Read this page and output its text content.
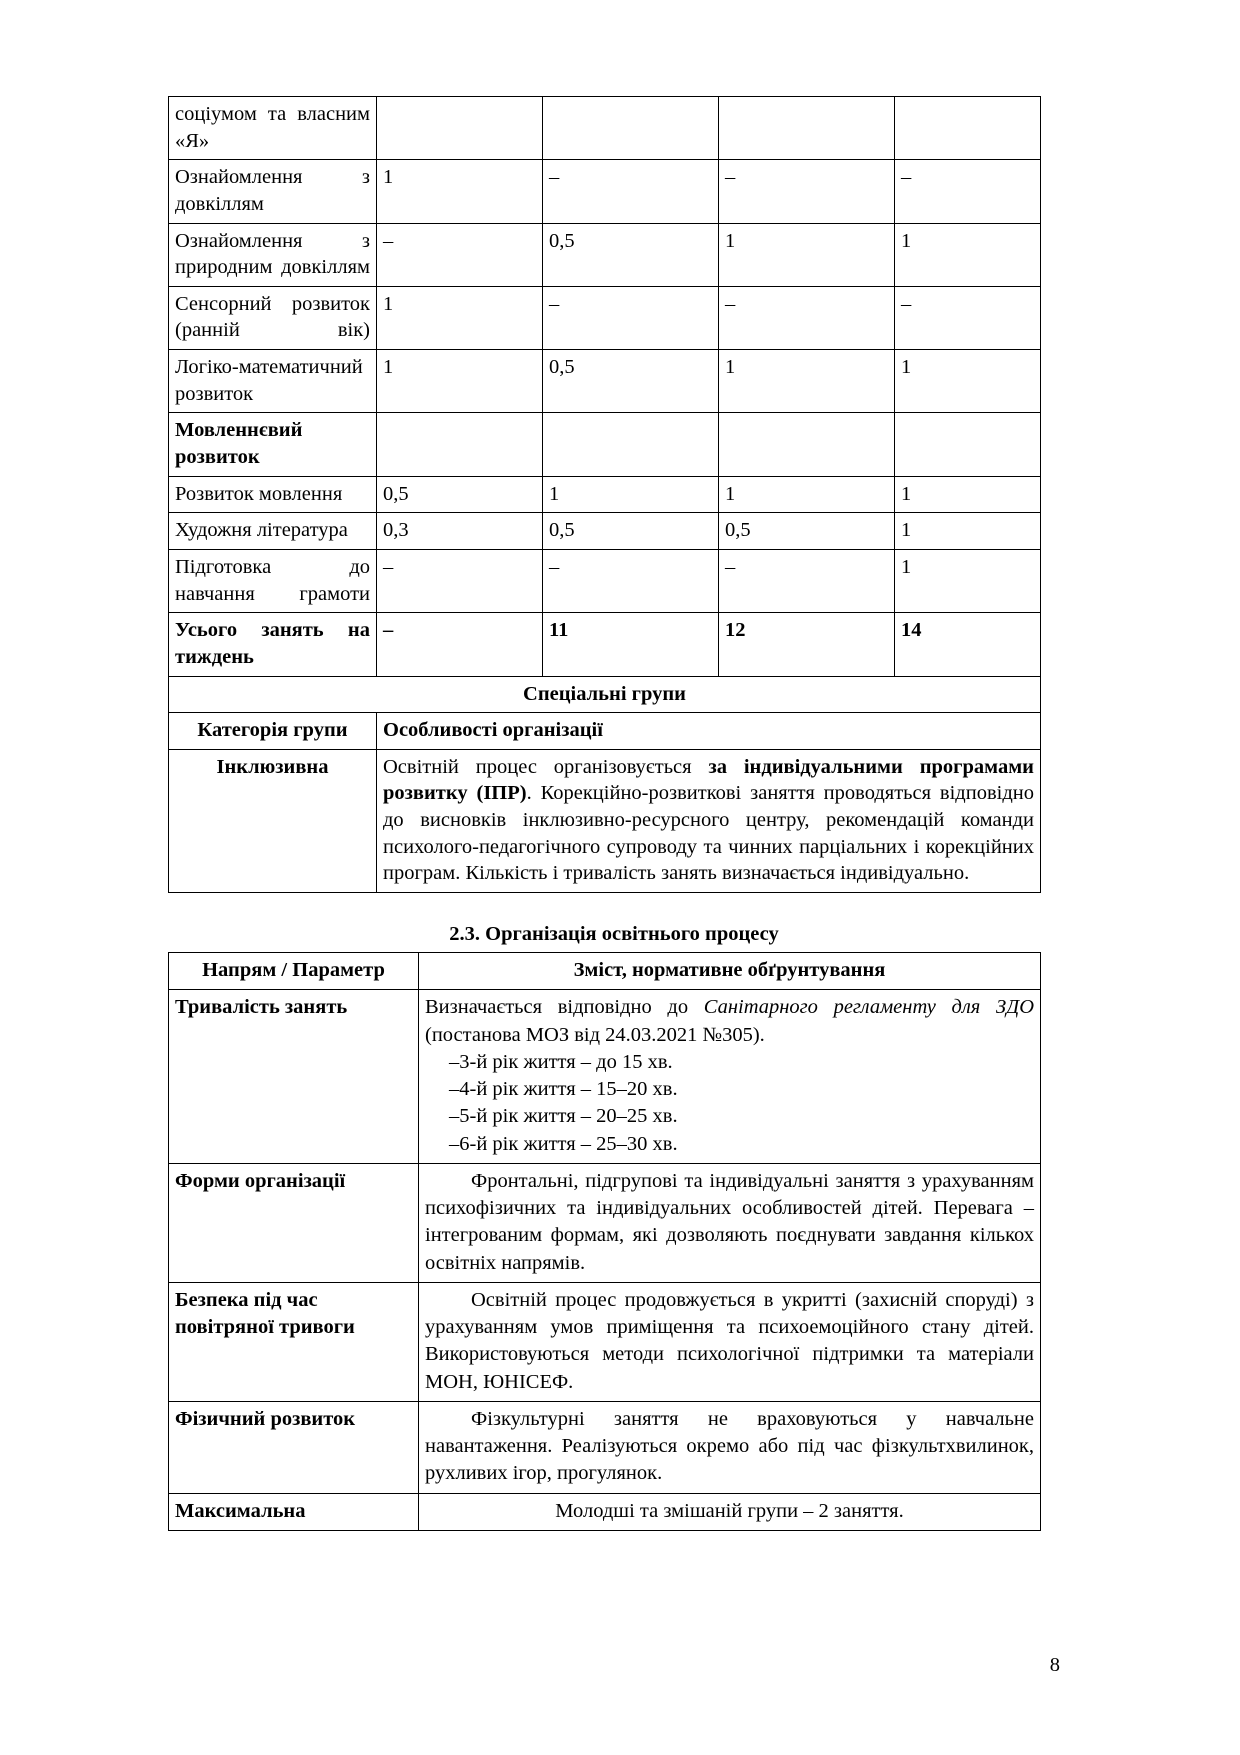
соціумом та власним «Я»				
Ознайомлення з довкіллям	1	–	–	–
Ознайомлення з природним довкіллям	–	0,5	1	1
Сенсорний розвиток (ранній вік)	1	–	–	–
Логіко-математичний розвиток	1	0,5	1	1
Мовленнєвий розвиток				
Розвиток мовлення	0,5	1	1	1
Художня література	0,3	0,5	0,5	1
Підготовка до навчання грамоти	–	–	–	1
Усього занять на тиждень	–	11	12	14
Спеціальні групи				
Категорія групи	Особливості організації			
Інклюзивна	Освітній процес організовується за індивідуальними програмами розвитку (ІПР). Корекційно-розвиткові заняття проводяться відповідно до висновків інклюзивно-ресурсного центру, рекомендацій команди психолого-педагогічного супроводу та чинних парціальних і корекційних програм. Кількість і тривалість занять визначається індивідуально.			
2.3. Організація освітнього процесу
Напрям / Параметр	Зміст, нормативне обґрунтування
Тривалість занять	Визначається відповідно до Санітарного регламенту для ЗДО (постанова МОЗ від 24.03.2021 №305).
–3-й рік життя – до 15 хв.
–4-й рік життя – 15–20 хв.
–5-й рік життя – 20–25 хв.
–6-й рік життя – 25–30 хв.

Форми організації	Фронтальні, підгрупові та індивідуальні заняття з урахуванням психофізичних та індивідуальних особливостей дітей. Перевага – інтегрованим формам, які дозволяють поєднувати завдання кількох освітніх напрямів.

Безпека під час повітряної тривоги	Освітній процес продовжується в укритті (захисній споруді) з урахуванням умов приміщення та психоемоційного стану дітей. Використовуються методи психологічної підтримки та матеріали МОН, ЮНІСЕФ.

Фізичний розвиток	Фізкультурні заняття не враховуються у навчальне навантаження. Реалізуються окремо або під час фізкультхвилинок, рухливих ігор, прогулянок.

Максимальна	Молодші та змішаній групи – 2 заняття.
8
